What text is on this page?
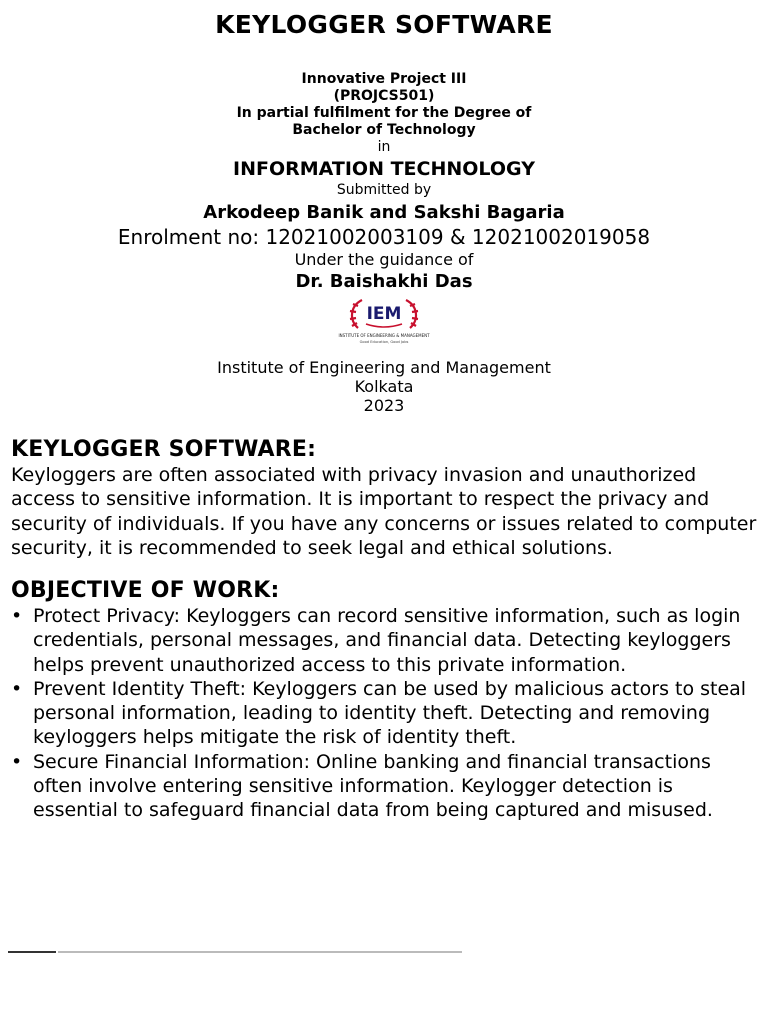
KEYLOGGER SOFTWARE
Innovative Project III
(PROJCS501)
In partial fulfilment for the Degree of
Bachelor of Technology
in
INFORMATION TECHNOLOGY
Submitted by
Arkodeep Banik and Sakshi Bagaria
Enrolment no: 12021002003109 & 12021002019058
Under the guidance of
Dr. Baishakhi Das
IEM
INSTITUTE OF ENGINEERING & MANAGEMENT
Good Education, Good Jobs
Institute of Engineering and Management
Kolkata
2023
KEYLOGGER SOFTWARE:
Keyloggers are often associated with privacy invasion and unauthorized access to sensitive information. It is important to respect the privacy and security of individuals. If you have any concerns or issues related to computer security, it is recommended to seek legal and ethical solutions.
OBJECTIVE OF WORK:
• Protect Privacy: Keyloggers can record sensitive information, such as login credentials, personal messages, and financial data. Detecting keyloggers helps prevent unauthorized access to this private information.
• Prevent Identity Theft: Keyloggers can be used by malicious actors to steal personal information, leading to identity theft. Detecting and removing keyloggers helps mitigate the risk of identity theft.
• Secure Financial Information: Online banking and financial transactions often involve entering sensitive information. Keylogger detection is essential to safeguard financial data from being captured and misused.
